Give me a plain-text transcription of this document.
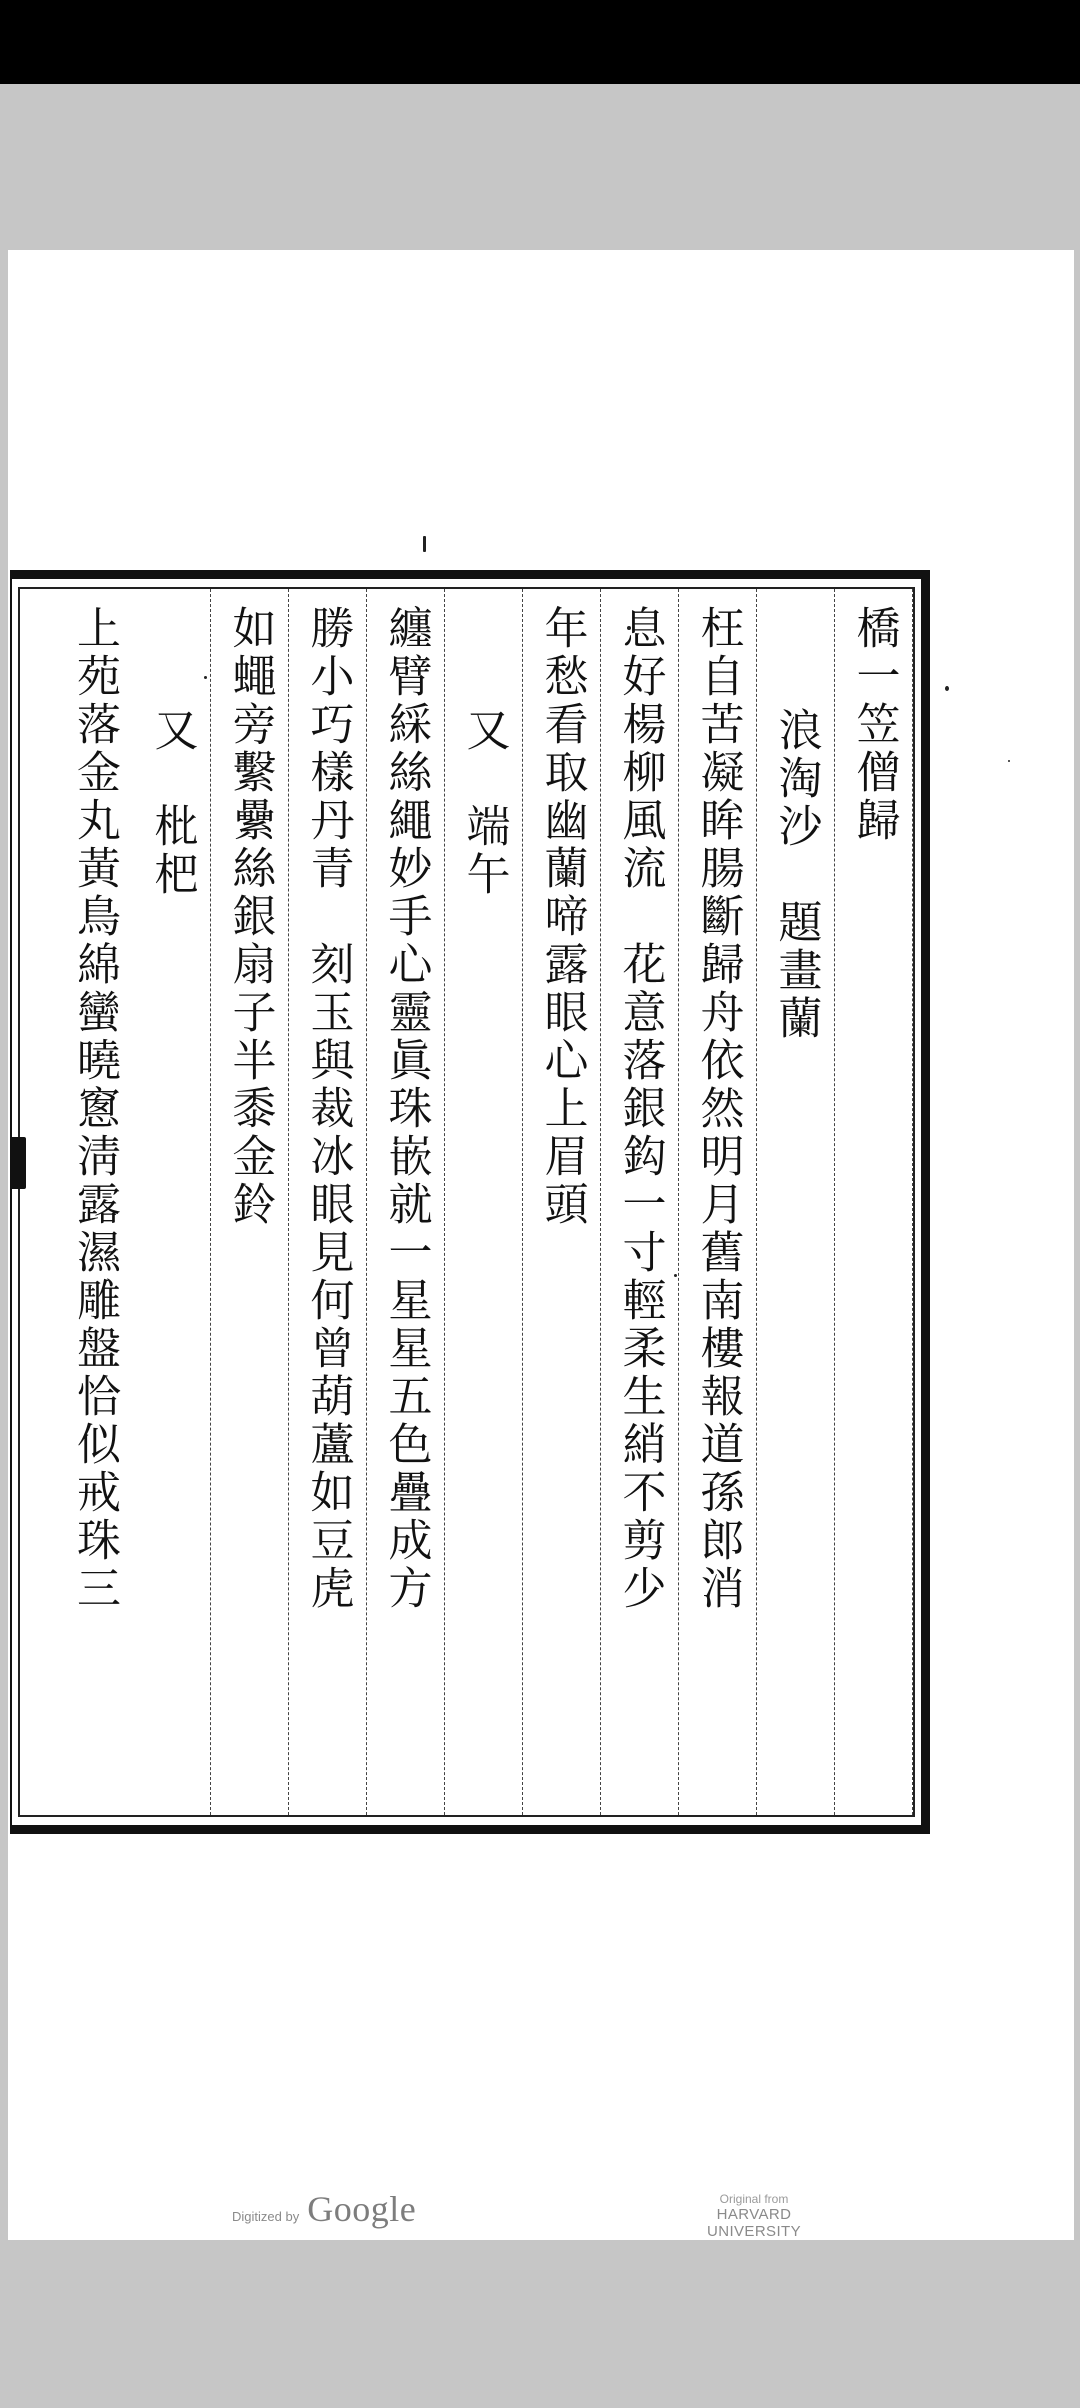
橋一笠僧歸
浪淘沙　題畫蘭
枉自苦凝眸腸斷歸舟依然明月舊南樓報道孫郎消
息好楊柳風流　花意落銀鈎一寸輕柔生綃不剪少
年愁看取幽蘭啼露眼心上眉頭
又　端午
纏臂綵絲繩妙手心靈眞珠嵌就一星星五色疊成方
勝小巧樣丹青　刻玉與裁冰眼見何曾葫蘆如豆虎
如蠅旁繫纍絲銀扇子半黍金鈴
又　枇杷
上苑落金丸黃鳥綿蠻曉窻淸露濕雕盤恰似戒珠三
Digitized by Google	Original from
HARVARD UNIVERSITY
